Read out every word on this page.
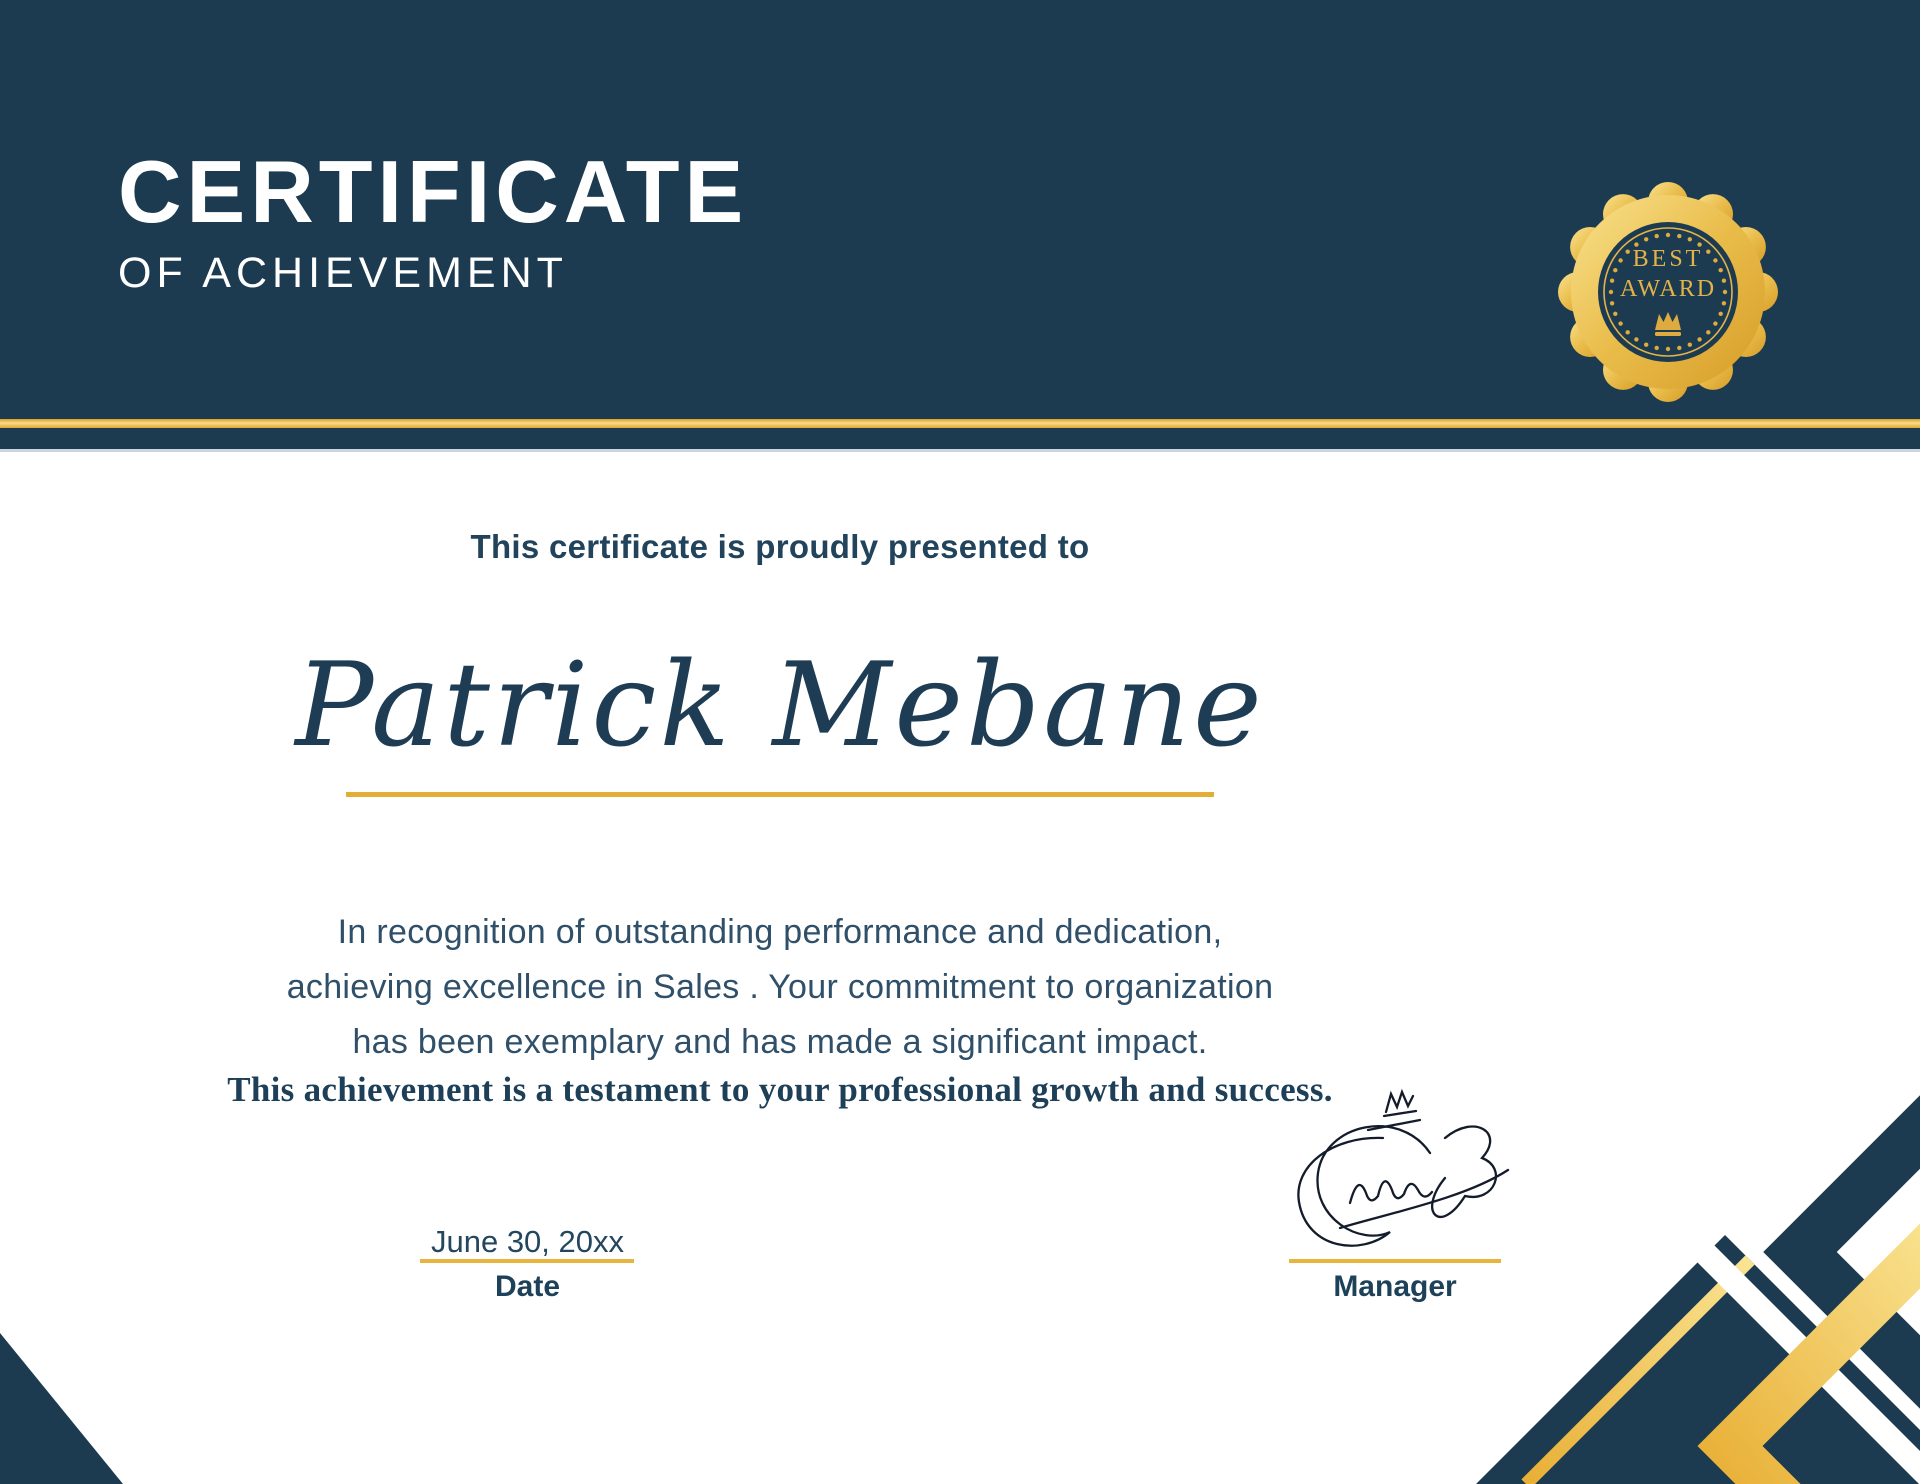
CERTIFICATE
OF ACHIEVEMENT	BEST
AWARD
This certificate is proudly presented to
Patrick Mebane
In recognition of outstanding performance and dedication,
achieving excellence in Sales . Your commitment to organization
has been exemplary and has made a significant impact.
This achievement is a testament to your professional growth and success.
June 30, 20xx
Date	Manager
